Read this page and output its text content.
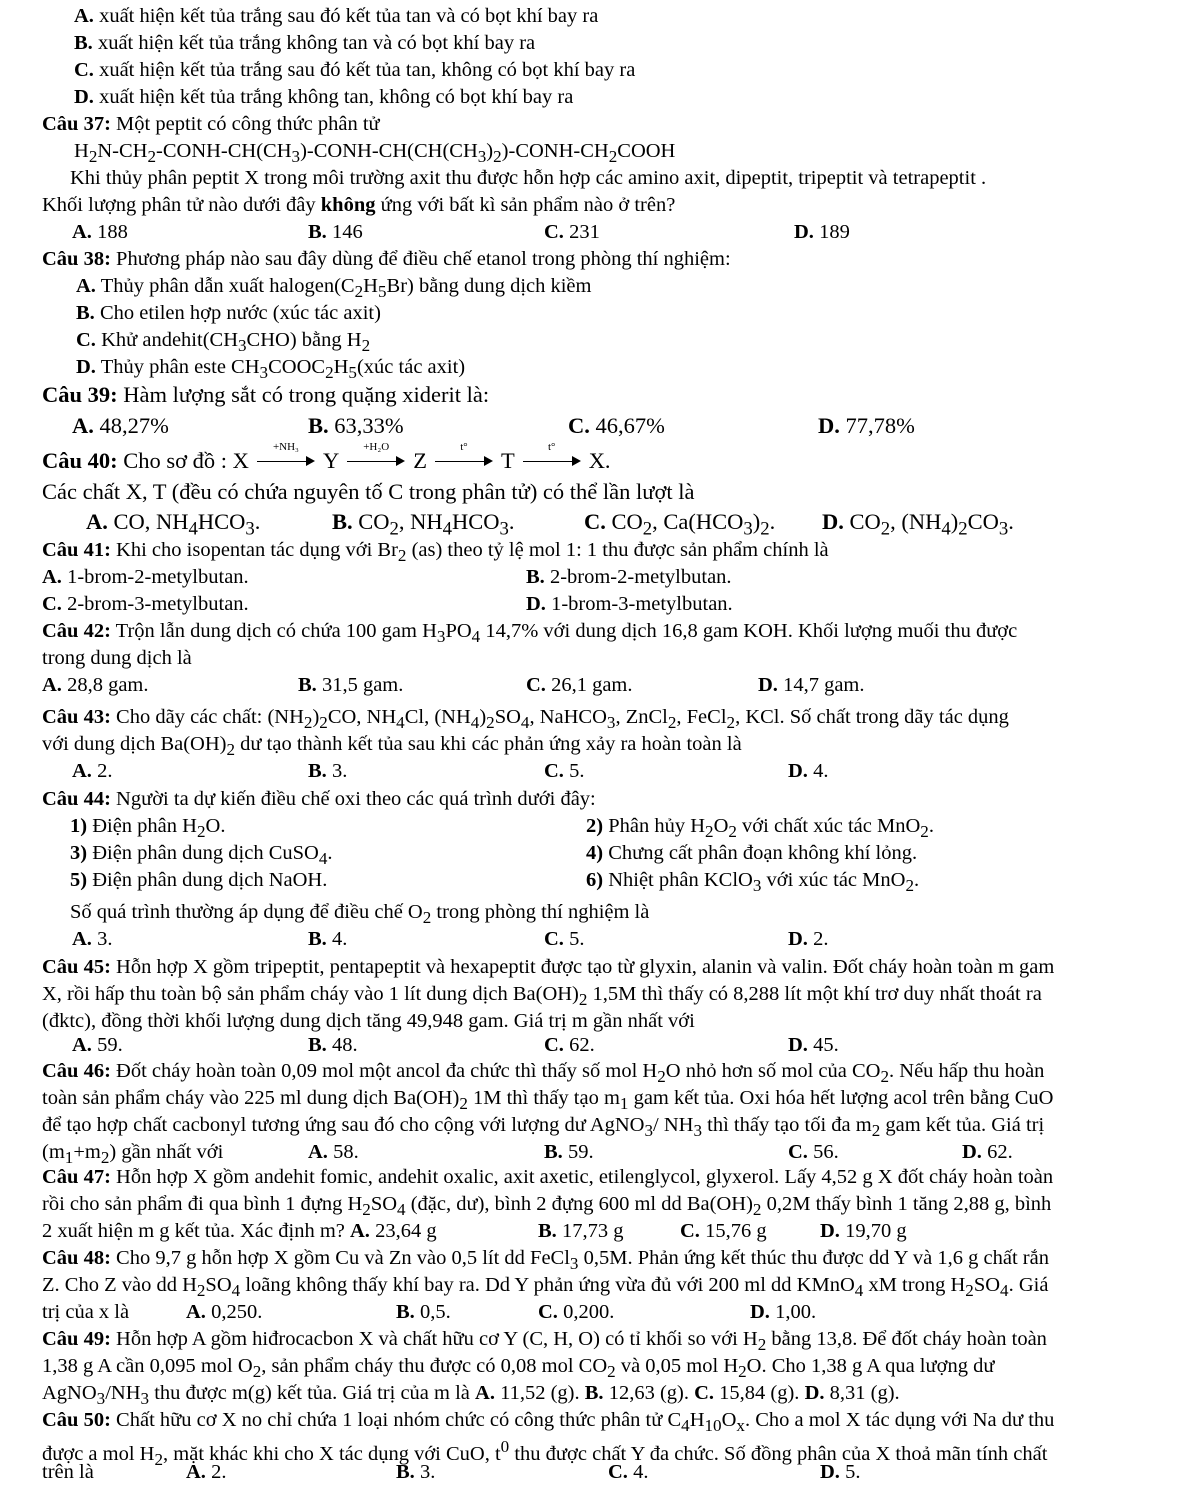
A. xuất hiện kết tủa trắng sau đó kết tủa tan và có bọt khí bay ra
B. xuất hiện kết tủa trắng không tan và có bọt khí bay ra
C. xuất hiện kết tủa trắng sau đó kết tủa tan, không có bọt khí bay ra
D. xuất hiện kết tủa trắng không tan, không có bọt khí bay ra
Câu 37: Một peptit có công thức phân tử
$H_2N-CH_2-CONH-CH(CH_3)-CONH-CH(CH(CH_3)_2)-CONH-CH_2COOH$
Khi thủy phân peptit X trong môi trường axit thu được hỗn hợp các amino axit, dipeptit, tripeptit và tetrapeptit .
Khối lượng phân tử nào dưới đây không ứng với bất kì sản phẩm nào ở trên?
A. 188	B. 146	C. 231	D. 189
Câu 38: Phương pháp nào sau đây dùng để điều chế etanol trong phòng thí nghiệm:
A. Thủy phân dẫn xuất $halogen(C_2H_5Br)$ bằng dung dịch kiềm
B. Cho etilen hợp nước (xúc tác axit)
C. Khử $andehit(CH_3CHO)$ bằng $H_2$
D. Thủy phân este $CH_3COOC_2H_5(xúc$ tác axit)
Câu 39: Hàm lượng sắt có trong quặng xiderit là:
A. 48,27%	B. 63,33%	C. 46,67%	D. 77,78%
Câu 40: Cho sơ đồ : X
+NH₃
Y
+H₂O
Z
t°
T
t°
X.
Các chất X, T (đều có chứa nguyên tố C trong phân tử) có thể lần lượt là
A. CO, $NH_4HCO_3$.	B. $CO_2$, $NH_4HCO_3$.	C. $CO_2$, $Ca(HCO_3)_2$. D. $CO_2$, $(NH_4)_2CO_3$.
Câu 41: Khi cho isopentan tác dụng với $Br_2$ (as) theo tỷ lệ mol 1: 1 thu được sản phẩm chính là
A. 1-brom-2-metylbutan.	B. 2-brom-2-metylbutan.
C. 2-brom-3-metylbutan.	D. 1-brom-3-metylbutan.
Câu 42: Trộn lẫn dung dịch có chứa 100 gam $H_3PO_4$ 14,7% với dung dịch 16,8 gam KOH. Khối lượng muối thu được
trong dung dịch là
A. 28,8 gam.	B. 31,5 gam.	C. 26,1 gam.	D. 14,7 gam.
Câu 43: Cho dãy các chất: $(NH_2)_2CO$, $NH_4Cl$, $(NH_4)_2SO_4$, NaHCO$_3$, ZnCl$_2$, FeCl$_2$, KCl. Số chất trong dãy tác dụng
với dung dịch $Ba(OH)_2$ dư tạo thành kết tủa sau khi các phản ứng xảy ra hoàn toàn là
A. 2.	B. 3.	C. 5.	D. 4.
Câu 44: Người ta dự kiến điều chế oxi theo các quá trình dưới đây:
1) Điện phân $H_2O$.	2) Phân hủy $H_2O_2$ với chất xúc tác MnO$_2$.
3) Điện phân dung dịch CuSO$_4$.	4) Chưng cất phân đoạn không khí lỏng.
5) Điện phân dung dịch NaOH.	6) Nhiệt phân KClO$_3$ với xúc tác MnO$_2$.
Số quá trình thường áp dụng để điều chế $O_2$ trong phòng thí nghiệm là
A. 3.	B. 4.	C. 5.	D. 2.
Câu 45: Hỗn hợp X gồm tripeptit, pentapeptit và hexapeptit được tạo từ glyxin, alanin và valin. Đốt cháy hoàn toàn m gam
X, rồi hấp thu toàn bộ sản phẩm cháy vào 1 lít dung dịch $Ba(OH)_2$ 1,5M thì thấy có 8,288 lít một khí trơ duy nhất thoát ra
(đktc), đồng thời khối lượng dung dịch tăng 49,948 gam. Giá trị m gần nhất với
A. 59.	B. 48.	C. 62.	D. 45.
Câu 46: Đốt cháy hoàn toàn 0,09 mol một ancol đa chức thì thấy số mol $H_2O$ nhỏ hơn số mol của $CO_2$. Nếu hấp thu hoàn
toàn sản phẩm cháy vào 225 ml dung dịch $Ba(OH)_2$ 1M thì thấy tạo $m_1$ gam kết tủa. Oxi hóa hết lượng acol trên bằng CuO
để tạo hợp chất cacbonyl tương ứng sau đó cho cộng với lượng dư AgNO$_3$/ $NH_3$ thì thấy tạo tối đa $m_2$ gam kết tủa. Giá trị
$(m_1+m_2)$ gần nhất với	A. 58.	B. 59.	C. 56.	D. 62.
Câu 47: Hỗn hợp X gồm andehit fomic, andehit oxalic, axit axetic, etilenglycol, glyxerol. Lấy 4,52 g X đốt cháy hoàn toàn
rồi cho sản phẩm đi qua bình 1 đựng $H_2SO_4$ (đặc, dư), bình 2 đựng 600 ml dd $Ba(OH)_2$ 0,2M thấy bình 1 tăng 2,88 g, bình
2 xuất hiện m g kết tủa. Xác định m? A. 23,64 g	B. 17,73 g	C. 15,76 g	D. 19,70 g
Câu 48: Cho 9,7 g hỗn hợp X gồm Cu và Zn vào 0,5 lít dd FeCl$_3$ 0,5M. Phản ứng kết thúc thu được dd Y và 1,6 g chất rắn
Z. Cho Z vào dd $H_2SO_4$ loãng không thấy khí bay ra. Dd Y phản ứng vừa đủ với 200 ml dd KMnO$_4$ xM trong $H_2SO_4$. Giá
trị của x là	A. 0,250.	B. 0,5.	C. 0,200.	D. 1,00.
Câu 49: Hỗn hợp A gồm hiđrocacbon X và chất hữu cơ Y (C, H, O) có tỉ khối so với $H_2$ bằng 13,8. Để đốt cháy hoàn toàn
1,38 g A cần 0,095 mol $O_2$, sản phẩm cháy thu được có 0,08 mol $CO_2$ và 0,05 mol $H_2O$. Cho 1,38 g A qua lượng dư
$AgNO_3/NH_3$ thu được m(g) kết tủa. Giá trị của m là A. 11,52 (g). B. 12,63 (g). C. 15,84 (g). D. 8,31 (g).
Câu 50: Chất hữu cơ X no chỉ chứa 1 loại nhóm chức có công thức phân tử $C_4H_{10}O_x$. Cho a mol X tác dụng với Na dư thu
được a mol $H_2$, mặt khác khi cho X tác dụng với CuO, $t^0$ thu được chất Y đa chức. Số đồng phân của X thoả mãn tính chất
trên là	A. 2.	B. 3.	C. 4.	D. 5.
